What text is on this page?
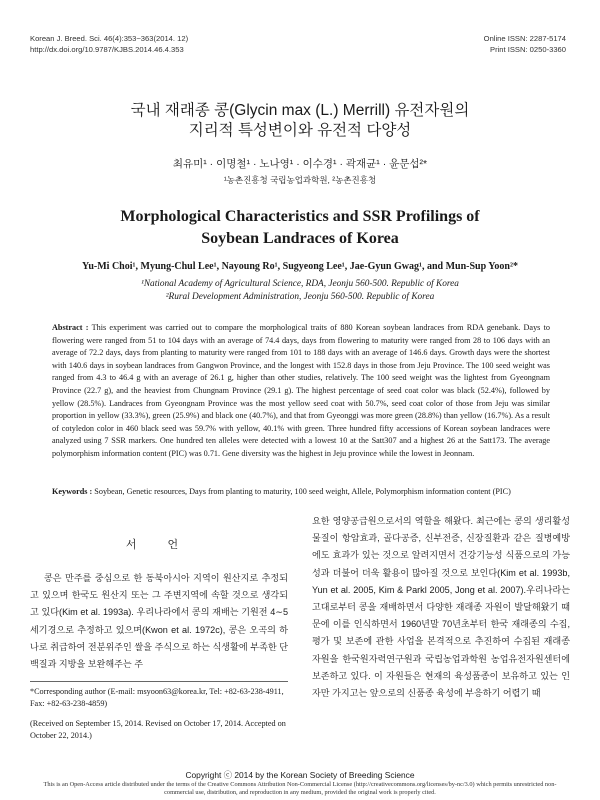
Korean J. Breed. Sci. 46(4):353~363(2014. 12)
http://dx.doi.org/10.9787/KJBS.2014.46.4.353
Online ISSN: 2287-5174
Print ISSN: 0250-3360
국내 재래종 콩(Glycin max (L.) Merrill) 유전자원의
지리적 특성변이와 유전적 다양성
최유미¹ · 이명철¹ · 노나영¹ · 이수경¹ · 곽재균¹ · 윤문섭²*
¹농촌진흥청 국립농업과학원, ²농촌진흥청
Morphological Characteristics and SSR Profilings of
Soybean Landraces of Korea
Yu-Mi Choi¹, Myung-Chul Lee¹, Nayoung Ro¹, Sugyeong Lee¹, Jae-Gyun Gwag¹, and Mun-Sup Yoon²*
¹National Academy of Agricultural Science, RDA, Jeonju 560-500. Republic of Korea
²Rural Development Administration, Jeonju 560-500. Republic of Korea
Abstract : This experiment was carried out to compare the morphological traits of 880 Korean soybean landraces from RDA genebank. Days to flowering were ranged from 51 to 104 days with an average of 74.4 days, days from flowering to maturity were ranged from 28 to 106 days with an average of 72.2 days, days from planting to maturity were ranged from 101 to 188 days with an average of 146.6 days. Growth days were the shortest with 140.6 days in soybean landraces from Gangwon Province, and the longest with 152.8 days in those from Jeju Province. The 100 seed weight was ranged from 4.3 to 46.4 g with an average of 26.1 g, higher than other studies, relatively. The 100 seed weight was the lightest from Gyeongnam Province (22.7 g), and the heaviest from Chungnam Province (29.1 g). The highest percentage of seed coat color was black (52.4%), followed by yellow (28.5%). Landraces from Gyeongnam Province was the most yellow seed coat with 50.7%, seed coat color of those from Jeju was similar proportion in yellow (33.3%), green (25.9%) and black one (40.7%), and that from Gyeonggi was more green (28.8%) than yellow (16.7%). As a result of cotyledon color in 460 black seed was 59.7% with yellow, 40.1% with green. Three hundred fifty accessions of Korean soybean landraces were analyzed using 7 SSR markers. One hundred ten alleles were detected with a lowest 10 at the Satt307 and a highest 26 at the Satt173. The average polymorphism information content (PIC) was 0.71. Gene diversity was the highest in Jeju province while the lowest in Jeonnam.
Keywords : Soybean, Genetic resources, Days from planting to maturity, 100 seed weight, Allele, Polymorphism information content (PIC)
서 언
콩은 만주를 중심으로 한 동북아시아 지역이 원산지로 추정되고 있으며 한국도 원산지 또는 그 주변지역에 속할 것으로 생각되고 있다(Kim et al. 1993a). 우리나라에서 콩의 재배는 기원전 4∼5세기경으로 추정하고 있으며(Kwon et al. 1972c), 콩은 오곡의 하나로 취급하여 전분위주인 쌀을 주식으로 하는 식생활에 부족한 단백질과 지방을 보완해주는 주
요한 영양공급원으로서의 역할을 해왔다. 최근에는 콩의 생리활성 물질이 항암효과, 골다공증, 신부전증, 신장질환과 같은 질병예방에도 효과가 있는 것으로 알려지면서 건강기능성 식품으로의 가능성과 더불어 더욱 활용이 많아질 것으로 보인다(Kim et al. 1993b, Yun et al. 2005, Kim & Parkl 2005, Jong et al. 2007).우리나라는 고대로부터 콩을 재배하면서 다양한 재래종 자원이 발달해왔기 때문에 이를 인식하면서 1960년말 70년초부터 한국 재래종의 수집, 평가 및 보존에 관한 사업을 본격적으로 추진하여 수집된 재래종 자원을 한국원자력연구원과 국립농업과학원 농업유전자원센터에 보존하고 있다. 이 자원들은 현재의 육성품종이 보유하고 있는 인자만 가지고는 앞으로의 신품종 육성에 부응하기 어렵기 때
*Corresponding author (E-mail: msyoon63@korea.kr, Tel: +82-63-238-4911, Fax: +82-63-238-4859)
(Received on September 15, 2014. Revised on October 17, 2014. Accepted on October 22, 2014.)
Copyright ⓒ 2014 by the Korean Society of Breeding Science
This is an Open-Access article distributed under the terms of the Creative Commons Attribution Non-Commercial License (http://creativecommons.org/licenses/by-nc/3.0) which permits unrestricted non-commercial use, distribution, and reproduction in any medium, provided the original work is properly cited.
